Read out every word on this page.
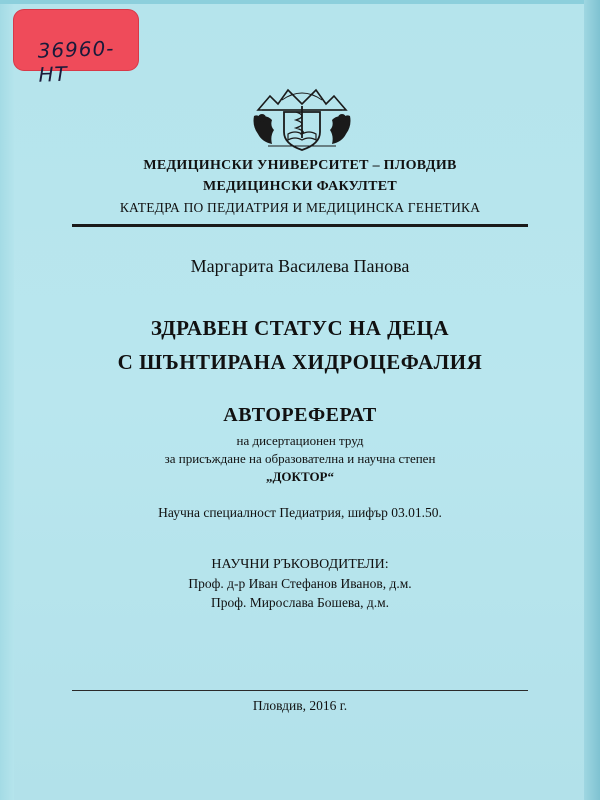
36960-НТ
МЕДИЦИНСКИ УНИВЕРСИТЕТ – ПЛОВДИВ
МЕДИЦИНСКИ ФАКУЛТЕТ
КАТЕДРА ПО ПЕДИАТРИЯ И МЕДИЦИНСКА ГЕНЕТИКА
Маргарита Василева Панова
ЗДРАВЕН СТАТУС НА ДЕЦА
С ШЪНТИРАНА ХИДРОЦЕФАЛИЯ
АВТОРЕФЕРАТ
на дисертационен труд
за присъждане на образователна и научна степен
„ДОКТОР“
Научна специалност Педиатрия, шифър 03.01.50.
НАУЧНИ РЪКОВОДИТЕЛИ:
Проф. д-р Иван Стефанов Иванов, д.м.
Проф. Мирослава Бошева, д.м.
Пловдив, 2016 г.
